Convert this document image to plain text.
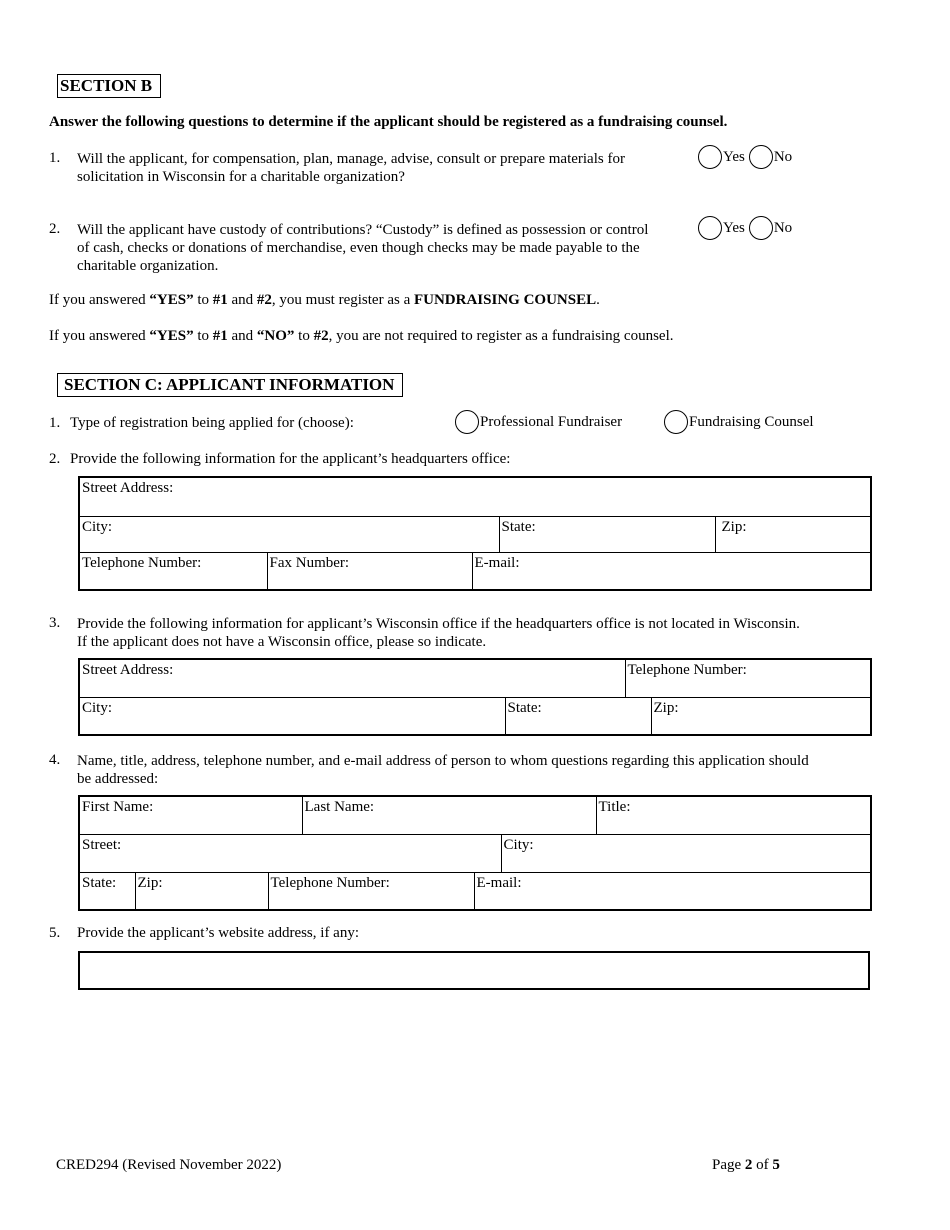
SECTION B
Answer the following questions to determine if the applicant should be registered as a fundraising counsel.
1. Will the applicant, for compensation, plan, manage, advise, consult or prepare materials for
solicitation in Wisconsin for a charitable organization?
Yes No
2. Will the applicant have custody of contributions? “Custody” is defined as possession or control
of cash, checks or donations of merchandise, even though checks may be made payable to the
charitable organization.
Yes No
If you answered “YES” to #1 and #2, you must register as a FUNDRAISING COUNSEL.
If you answered “YES” to #1 and “NO” to #2, you are not required to register as a fundraising counsel.
SECTION C: APPLICANT INFORMATION
1. Type of registration being applied for (choose):	Professional Fundraiser	Fundraising Counsel
2. Provide the following information for the applicant’s headquarters office:
Street Address:				
City:			State:	Zip:
Telephone Number:	Fax Number:	E-mail:		
3. Provide the following information for applicant’s Wisconsin office if the headquarters office is not located in Wisconsin.
If the applicant does not have a Wisconsin office, please so indicate.
Street Address:		Telephone Number:	
City:	State:		Zip:
4. Name, title, address, telephone number, and e-mail address of person to whom questions regarding this application should
be addressed:
First Name:			Last Name:			Title:
Street:					City:	
State:	Zip:	Telephone Number:		E-mail:		
5. Provide the applicant’s website address, if any:
CRED294 (Revised November 2022)	Page 2 of 5
